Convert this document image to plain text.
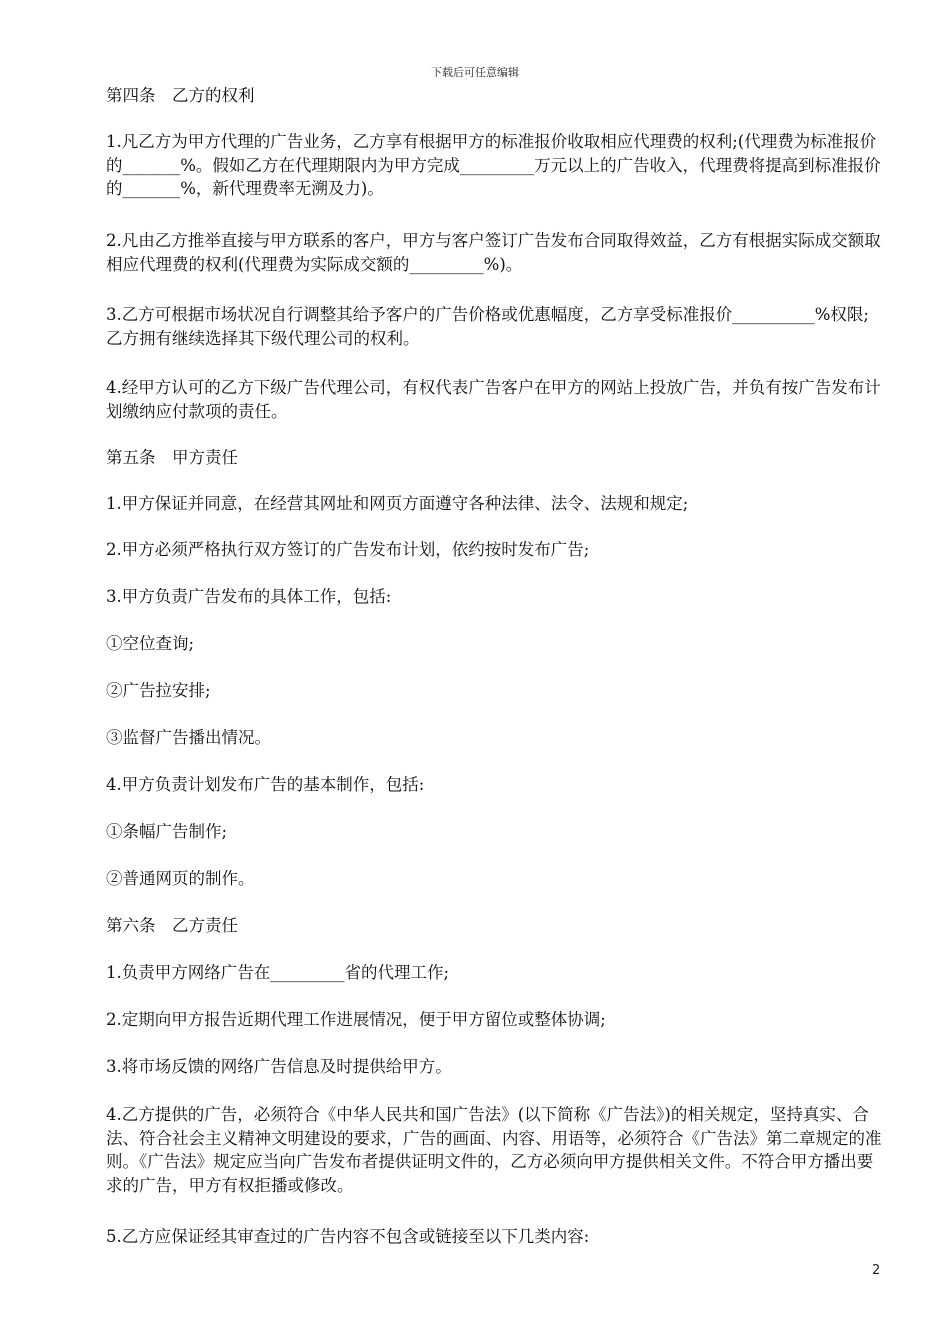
下载后可任意编辑

第四条　乙方的权利

1.凡乙方为甲方代理的广告业务，乙方享有根据甲方的标准报价收取相应代理费的权利;(代理费为标准报价的_______%。假如乙方在代理期限内为甲方完成_________万元以上的广告收入，代理费将提高到标准报价的_______%，新代理费率无溯及力)。

2.凡由乙方推举直接与甲方联系的客户，甲方与客户签订广告发布合同取得效益，乙方有根据实际成交额取相应代理费的权利(代理费为实际成交额的_________%)。

3.乙方可根据市场状况自行调整其给予客户的广告价格或优惠幅度，乙方享受标准报价__________%权限;乙方拥有继续选择其下级代理公司的权利。

4.经甲方认可的乙方下级广告代理公司，有权代表广告客户在甲方的网站上投放广告，并负有按广告发布计划缴纳应付款项的责任。

第五条　甲方责任

1.甲方保证并同意，在经营其网址和网页方面遵守各种法律、法令、法规和规定;

2.甲方必须严格执行双方签订的广告发布计划，依约按时发布广告;

3.甲方负责广告发布的具体工作，包括:

①空位查询;

②广告拉安排;

③监督广告播出情况。

4.甲方负责计划发布广告的基本制作，包括:

①条幅广告制作;

②普通网页的制作。

第六条　乙方责任

1.负责甲方网络广告在_________省的代理工作;

2.定期向甲方报告近期代理工作进展情况，便于甲方留位或整体协调;

3.将市场反馈的网络广告信息及时提供给甲方。

4.乙方提供的广告，必须符合《中华人民共和国广告法》(以下简称《广告法》)的相关规定，坚持真实、合法、符合社会主义精神文明建设的要求，广告的画面、内容、用语等，必须符合《广告法》第二章规定的准则。《广告法》规定应当向广告发布者提供证明文件的，乙方必须向甲方提供相关文件。不符合甲方播出要求的广告，甲方有权拒播或修改。

5.乙方应保证经其审查过的广告内容不包含或链接至以下几类内容:

2
